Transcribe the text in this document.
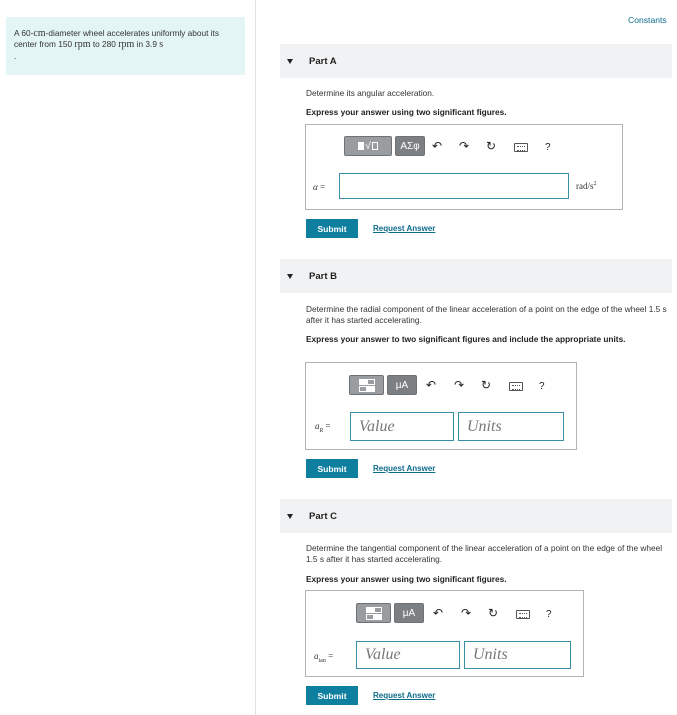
A 60-cm-diameter wheel accelerates uniformly about its center from 150 rpm to 280 rpm in 3.9 s
.
Constants
Part A
Determine its angular acceleration.
Express your answer using two significant figures.
√	ΑΣφ ↶ ↷ ↻	?
α =	rad/$s^2$
Submit	Request Answer
Part B
Determine the radial component of the linear acceleration of a point on the edge of the wheel 1.5 s after it has started accelerating.
Express your answer to two significant figures and include the appropriate units.
μA ↶ ↷ ↻	?
$a_R$ =	Value	Units
Submit	Request Answer
Part C
Determine the tangential component of the linear acceleration of a point on the edge of the wheel 1.5 s after it has started accelerating.
Express your answer using two significant figures.
μA ↶ ↷ ↻	?
$a_{tan}$ =	Value	Units
Submit	Request Answer
